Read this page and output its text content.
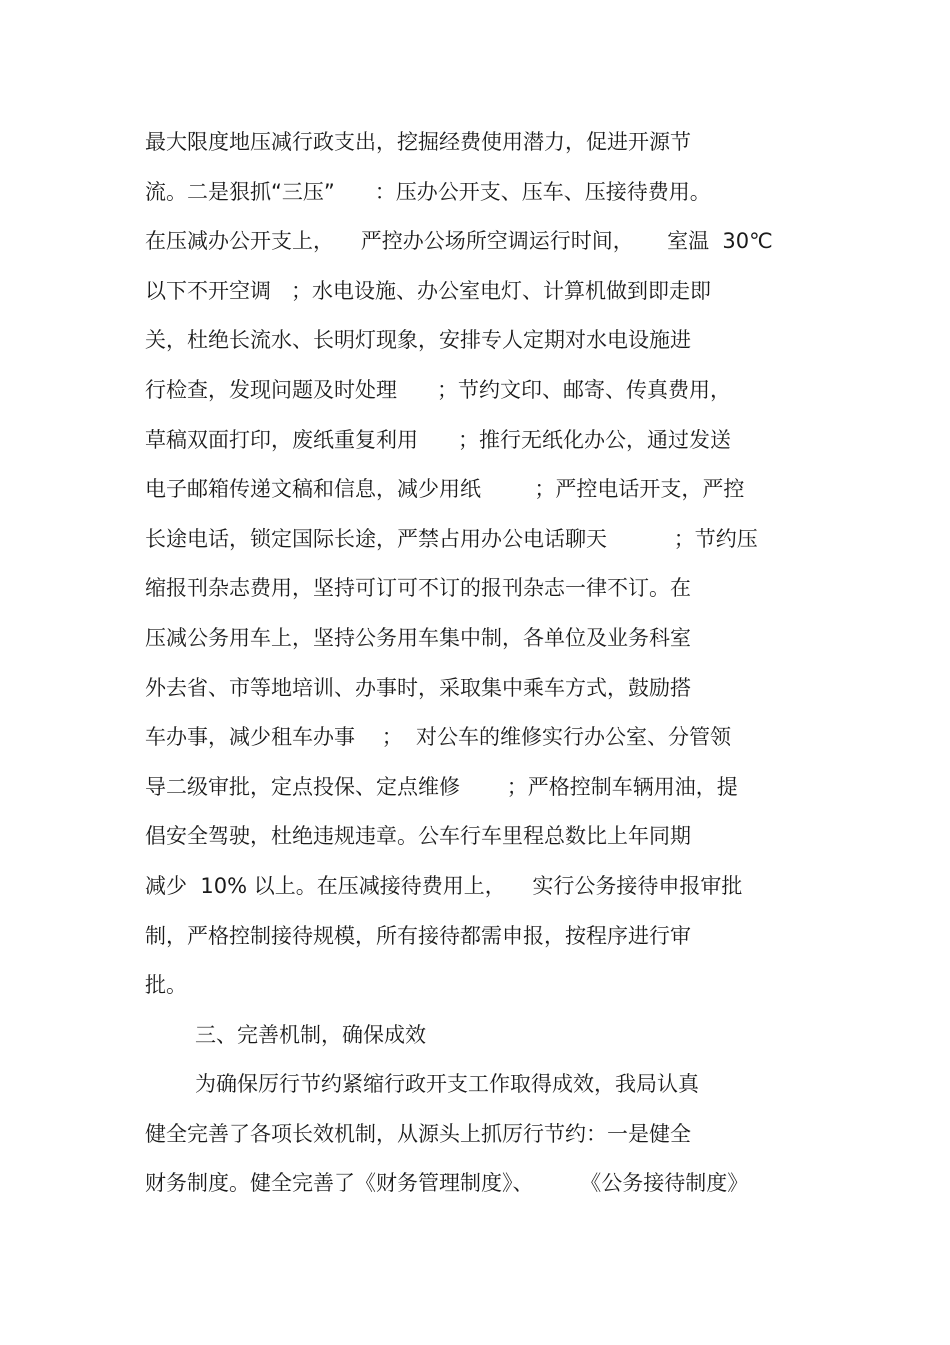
最大限度地压减行政支出，挖掘经费使用潜力，促进开源节
流。二是狠抓“三压”      ：压办公开支、压车、压接待费用。
在压减办公开支上，    严控办公场所空调运行时间，     室温  30℃
以下不开空调   ；水电设施、办公室电灯、计算机做到即走即
关，杜绝长流水、长明灯现象，安排专人定期对水电设施进
行检查，发现问题及时处理      ；节约文印、邮寄、传真费用，
草稿双面打印，废纸重复利用      ；推行无纸化办公，通过发送
电子邮箱传递文稿和信息，减少用纸        ；严控电话开支，严控
长途电话，锁定国际长途，严禁占用办公电话聊天          ；节约压
缩报刊杂志费用，坚持可订可不订的报刊杂志一律不订。在
压减公务用车上，坚持公务用车集中制，各单位及业务科室
外去省、市等地培训、办事时，采取集中乘车方式，鼓励搭
车办事，减少租车办事    ；  对公车的维修实行办公室、分管领
导二级审批，定点投保、定点维修       ；严格控制车辆用油，提
倡安全驾驶，杜绝违规违章。公车行车里程总数比上年同期
减少  10% 以上。在压减接待费用上，    实行公务接待申报审批
制，严格控制接待规模，所有接待都需申报，按程序进行审
批。
三、完善机制，确保成效
为确保厉行节约紧缩行政开支工作取得成效，我局认真
健全完善了各项长效机制，从源头上抓厉行节约：一是健全
财务制度。健全完善了《财务管理制度》、       《公务接待制度》
